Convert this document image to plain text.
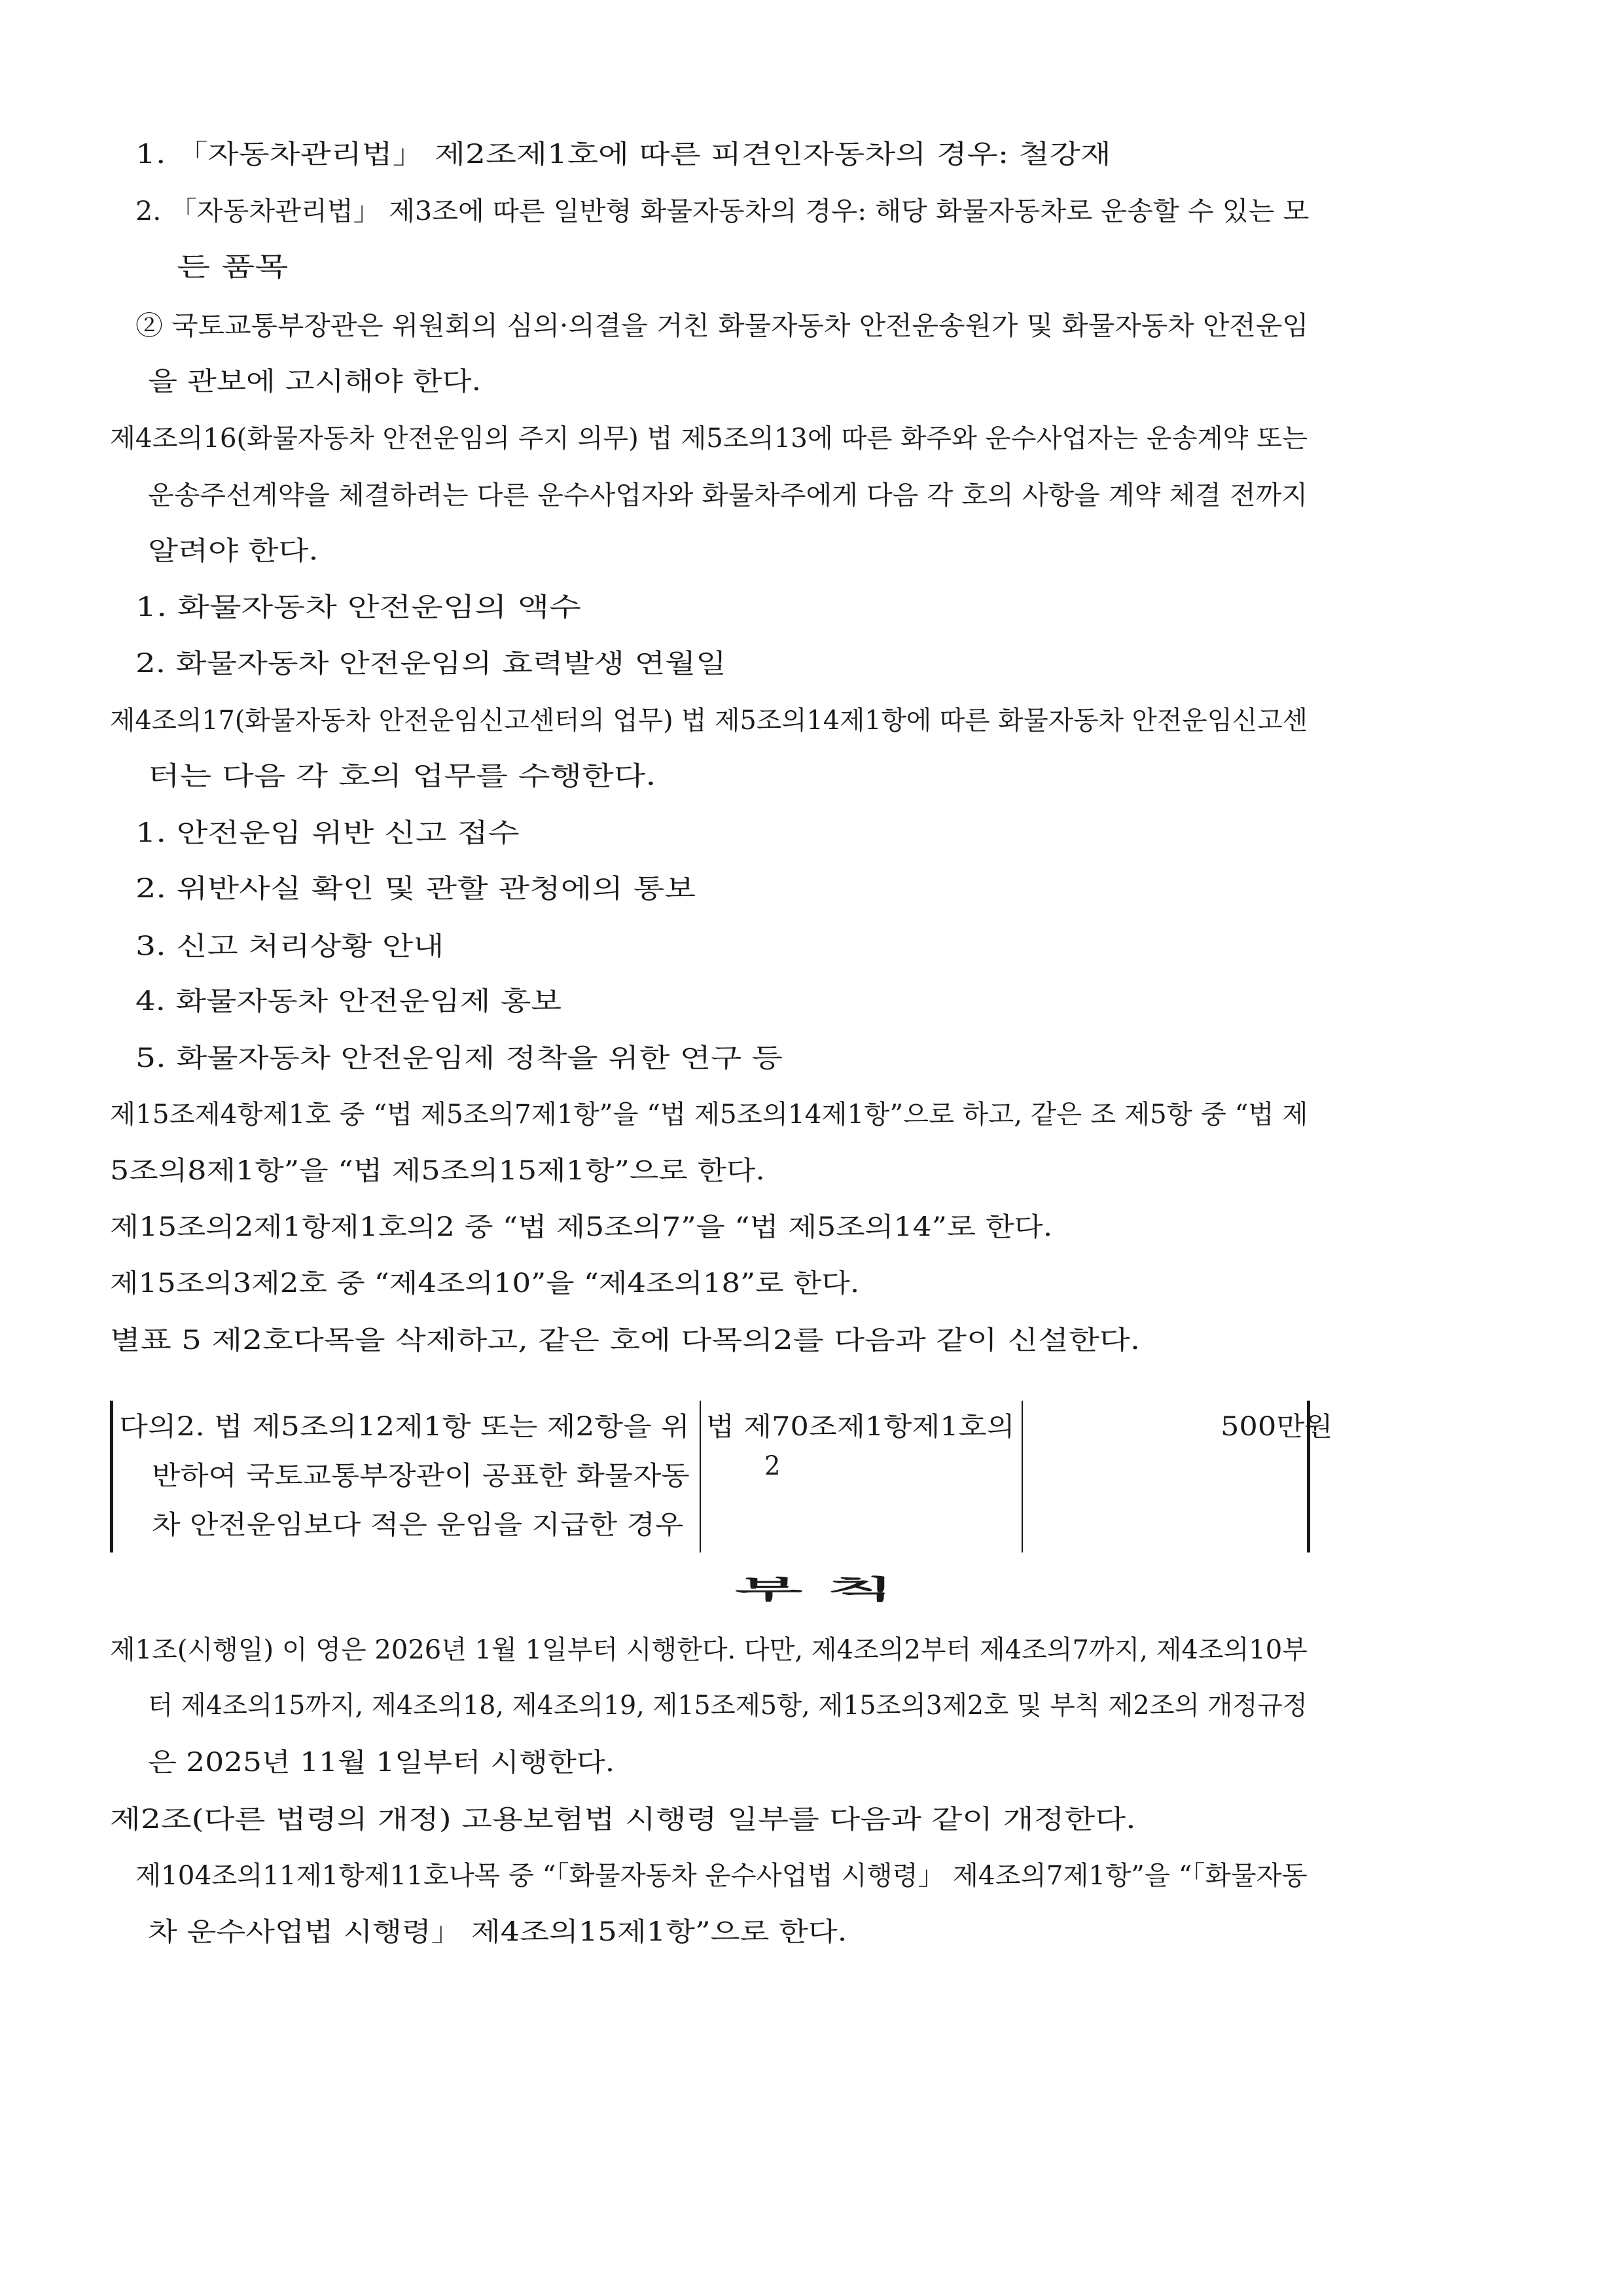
1. 「자동차관리법」 제2조제1호에 따른 피견인자동차의 경우: 철강재
2. 「자동차관리법」 제3조에 따른 일반형 화물자동차의 경우: 해당 화물자동차로 운송할 수 있는 모
든 품목
② 국토교통부장관은 위원회의 심의·의결을 거친 화물자동차 안전운송원가 및 화물자동차 안전운임
을 관보에 고시해야 한다.
제4조의16(화물자동차 안전운임의 주지 의무) 법 제5조의13에 따른 화주와 운수사업자는 운송계약 또는
운송주선계약을 체결하려는 다른 운수사업자와 화물차주에게 다음 각 호의 사항을 계약 체결 전까지
알려야 한다.
1. 화물자동차 안전운임의 액수
2. 화물자동차 안전운임의 효력발생 연월일
제4조의17(화물자동차 안전운임신고센터의 업무) 법 제5조의14제1항에 따른 화물자동차 안전운임신고센
터는 다음 각 호의 업무를 수행한다.
1. 안전운임 위반 신고 접수
2. 위반사실 확인 및 관할 관청에의 통보
3. 신고 처리상황 안내
4. 화물자동차 안전운임제 홍보
5. 화물자동차 안전운임제 정착을 위한 연구 등
제15조제4항제1호 중 “법 제5조의7제1항”을 “법 제5조의14제1항”으로 하고, 같은 조 제5항 중 “법 제
5조의8제1항”을 “법 제5조의15제1항”으로 한다.
제15조의2제1항제1호의2 중 “법 제5조의7”을 “법 제5조의14”로 한다.
제15조의3제2호 중 “제4조의10”을 “제4조의18”로 한다.
별표 5 제2호다목을 삭제하고, 같은 호에 다목의2를 다음과 같이 신설한다.
다의2. 법 제5조의12제1항 또는 제2항을 위
반하여 국토교통부장관이 공표한 화물자동
차 안전운임보다 적은 운임을 지급한 경우
법 제70조제1항제1호의
2
500만원
부 칙
제1조(시행일) 이 영은 2026년 1월 1일부터 시행한다. 다만, 제4조의2부터 제4조의7까지, 제4조의10부
터 제4조의15까지, 제4조의18, 제4조의19, 제15조제5항, 제15조의3제2호 및 부칙 제2조의 개정규정
은 2025년 11월 1일부터 시행한다.
제2조(다른 법령의 개정) 고용보험법 시행령 일부를 다음과 같이 개정한다.
제104조의11제1항제11호나목 중 “「화물자동차 운수사업법 시행령」 제4조의7제1항”을 “「화물자동
차 운수사업법 시행령」 제4조의15제1항”으로 한다.
